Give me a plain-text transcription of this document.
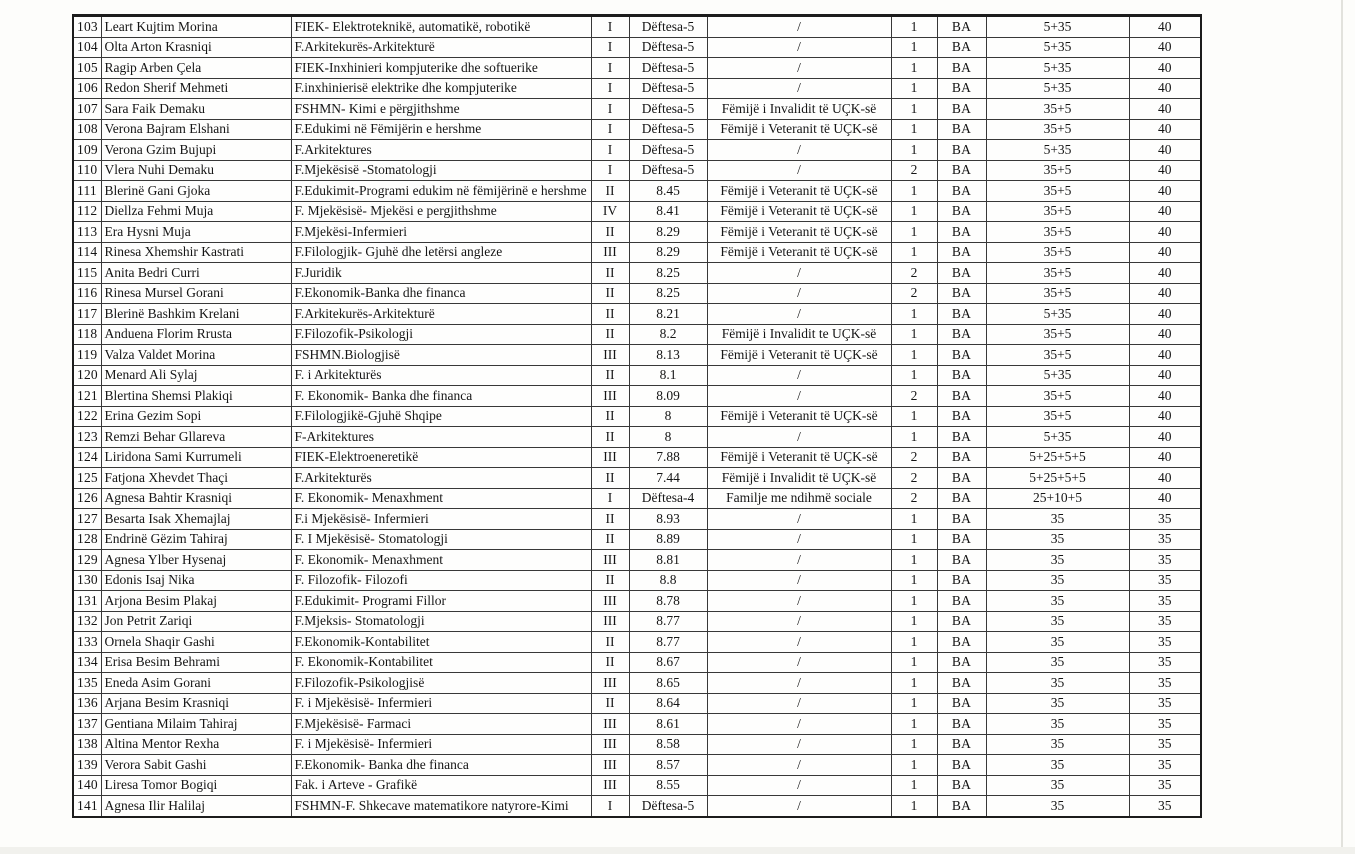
103	Leart Kujtim Morina	FIEK- Elektroteknikë, automatikë, robotikë	I	Dëftesa-5	/	1	BA	5+35	40
104	Olta Arton Krasniqi	F.Arkitekurës-Arkitekturë	I	Dëftesa-5	/	1	BA	5+35	40
105	Ragip Arben Çela	FIEK-Inxhinieri kompjuterike dhe softuerike	I	Dëftesa-5	/	1	BA	5+35	40
106	Redon Sherif Mehmeti	F.inxhinierisë elektrike dhe kompjuterike	I	Dëftesa-5	/	1	BA	5+35	40
107	Sara Faik Demaku	FSHMN- Kimi e përgjithshme	I	Dëftesa-5	Fëmijë i Invalidit të UÇK-së	1	BA	35+5	40
108	Verona Bajram Elshani	F.Edukimi në Fëmijërin e hershme	I	Dëftesa-5	Fëmijë i Veteranit të UÇK-së	1	BA	35+5	40
109	Verona Gzim Bujupi	F.Arkitektures	I	Dëftesa-5	/	1	BA	5+35	40
110	Vlera Nuhi Demaku	F.Mjekësisë -Stomatologji	I	Dëftesa-5	/	2	BA	35+5	40
111	Blerinë Gani Gjoka	F.Edukimit-Programi edukim në fëmijërinë e hershme	II	8.45	Fëmijë i Veteranit të UÇK-së	1	BA	35+5	40
112	Diellza Fehmi Muja	F. Mjekësisë- Mjekësi e pergjithshme	IV	8.41	Fëmijë i Veteranit të UÇK-së	1	BA	35+5	40
113	Era Hysni Muja	F.Mjekësi-Infermieri	II	8.29	Fëmijë i Veteranit të UÇK-së	1	BA	35+5	40
114	Rinesa Xhemshir Kastrati	F.Filologjik- Gjuhë dhe letërsi angleze	III	8.29	Fëmijë i Veteranit të UÇK-së	1	BA	35+5	40
115	Anita Bedri Curri	F.Juridik	II	8.25	/	2	BA	35+5	40
116	Rinesa Mursel Gorani	F.Ekonomik-Banka dhe financa	II	8.25	/	2	BA	35+5	40
117	Blerinë Bashkim Krelani	F.Arkitekurës-Arkitekturë	II	8.21	/	1	BA	5+35	40
118	Anduena Florim Rrusta	F.Filozofik-Psikologji	II	8.2	Fëmijë i Invalidit te UÇK-së	1	BA	35+5	40
119	Valza Valdet Morina	FSHMN.Biologjisë	III	8.13	Fëmijë i Veteranit të UÇK-së	1	BA	35+5	40
120	Menard Ali Sylaj	F. i Arkitekturës	II	8.1	/	1	BA	5+35	40
121	Blertina Shemsi Plakiqi	F. Ekonomik- Banka dhe financa	III	8.09	/	2	BA	35+5	40
122	Erina Gezim Sopi	F.Filologjikë-Gjuhë Shqipe	II	8	Fëmijë i Veteranit të UÇK-së	1	BA	35+5	40
123	Remzi Behar Gllareva	F-Arkitektures	II	8	/	1	BA	5+35	40
124	Liridona Sami Kurrumeli	FIEK-Elektroeneretikë	III	7.88	Fëmijë i Veteranit të UÇK-së	2	BA	5+25+5+5	40
125	Fatjona Xhevdet Thaçi	F.Arkitekturës	II	7.44	Fëmijë i Invalidit të UÇK-së	2	BA	5+25+5+5	40
126	Agnesa Bahtir Krasniqi	F. Ekonomik- Menaxhment	I	Dëftesa-4	Familje me ndihmë sociale	2	BA	25+10+5	40
127	Besarta Isak Xhemajlaj	F.i Mjekësisë- Infermieri	II	8.93	/	1	BA	35	35
128	Endrinë Gëzim Tahiraj	F. I Mjekësisë- Stomatologji	II	8.89	/	1	BA	35	35
129	Agnesa Ylber Hysenaj	F. Ekonomik- Menaxhment	III	8.81	/	1	BA	35	35
130	Edonis Isaj Nika	F. Filozofik- Filozofi	II	8.8	/	1	BA	35	35
131	Arjona Besim Plakaj	F.Edukimit- Programi Fillor	III	8.78	/	1	BA	35	35
132	Jon Petrit Zariqi	F.Mjeksis- Stomatologji	III	8.77	/	1	BA	35	35
133	Ornela Shaqir Gashi	F.Ekonomik-Kontabilitet	II	8.77	/	1	BA	35	35
134	Erisa Besim Behrami	F. Ekonomik-Kontabilitet	II	8.67	/	1	BA	35	35
135	Eneda Asim Gorani	F.Filozofik-Psikologjisë	III	8.65	/	1	BA	35	35
136	Arjana Besim Krasniqi	F. i Mjekësisë- Infermieri	II	8.64	/	1	BA	35	35
137	Gentiana Milaim Tahiraj	F.Mjekësisë- Farmaci	III	8.61	/	1	BA	35	35
138	Altina Mentor Rexha	F. i Mjekësisë- Infermieri	III	8.58	/	1	BA	35	35
139	Verora Sabit Gashi	F.Ekonomik- Banka dhe financa	III	8.57	/	1	BA	35	35
140	Liresa Tomor Bogiqi	Fak. i Arteve - Grafikë	III	8.55	/	1	BA	35	35
141	Agnesa Ilir Halilaj	FSHMN-F. Shkecave matematikore natyrore-Kimi	I	Dëftesa-5	/	1	BA	35	35
